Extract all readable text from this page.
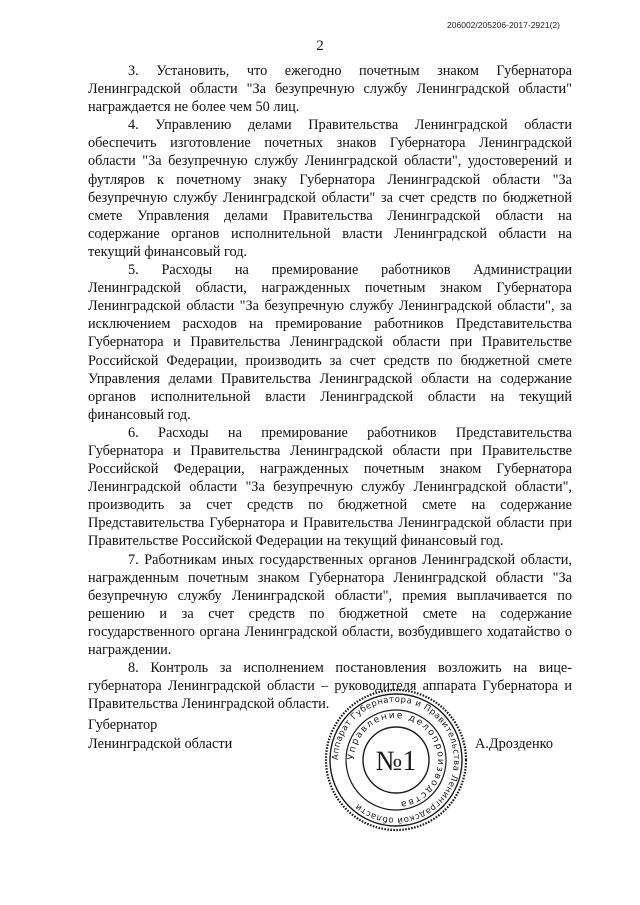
206002/205206-2017-2921(2)
2

3. Установить, что ежегодно почетным знаком Губернатора Ленинградской области "За безупречную службу Ленинградской области" награждается не более чем 50 лиц.

4. Управлению делами Правительства Ленинградской области обеспечить изготовление почетных знаков Губернатора Ленинградской области "За безупречную службу Ленинградской области", удостоверений и футляров к почетному знаку Губернатора Ленинградской области "За безупречную службу Ленинградской области" за счет средств по бюджетной смете Управления делами Правительства Ленинградской области на содержание органов исполнительной власти Ленинградской области на текущий финансовый год.

5. Расходы на премирование работников Администрации Ленинградской области, награжденных почетным знаком Губернатора Ленинградской области "За безупречную службу Ленинградской области", за исключением расходов на премирование работников Представительства Губернатора и Правительства Ленинградской области при Правительстве Российской Федерации, производить за счет средств по бюджетной смете Управления делами Правительства Ленинградской области на содержание органов исполнительной власти Ленинградской области на текущий финансовый год.

6. Расходы на премирование работников Представительства Губернатора и Правительства Ленинградской области при Правительстве Российской Федерации, награжденных почетным знаком Губернатора Ленинградской области "За безупречную службу Ленинградской области", производить за счет средств по бюджетной смете на содержание Представительства Губернатора и Правительства Ленинградской области при Правительстве Российской Федерации на текущий финансовый год.

7. Работникам иных государственных органов Ленинградской области, награжденным почетным знаком Губернатора Ленинградской области "За безупречную службу Ленинградской области", премия выплачивается по решению и за счет средств по бюджетной смете на содержание государственного органа Ленинградской области, возбудившего ходатайство о награждении.

8. Контроль за исполнением постановления возложить на вице-губернатора Ленинградской области – руководителя аппарата Губернатора и Правительства Ленинградской области.

Губернатор
Ленинградской области
Аппарат Губернатора и Правительства Ленинградской области
Управление делопроизводства
№1
А.Дрозденко
